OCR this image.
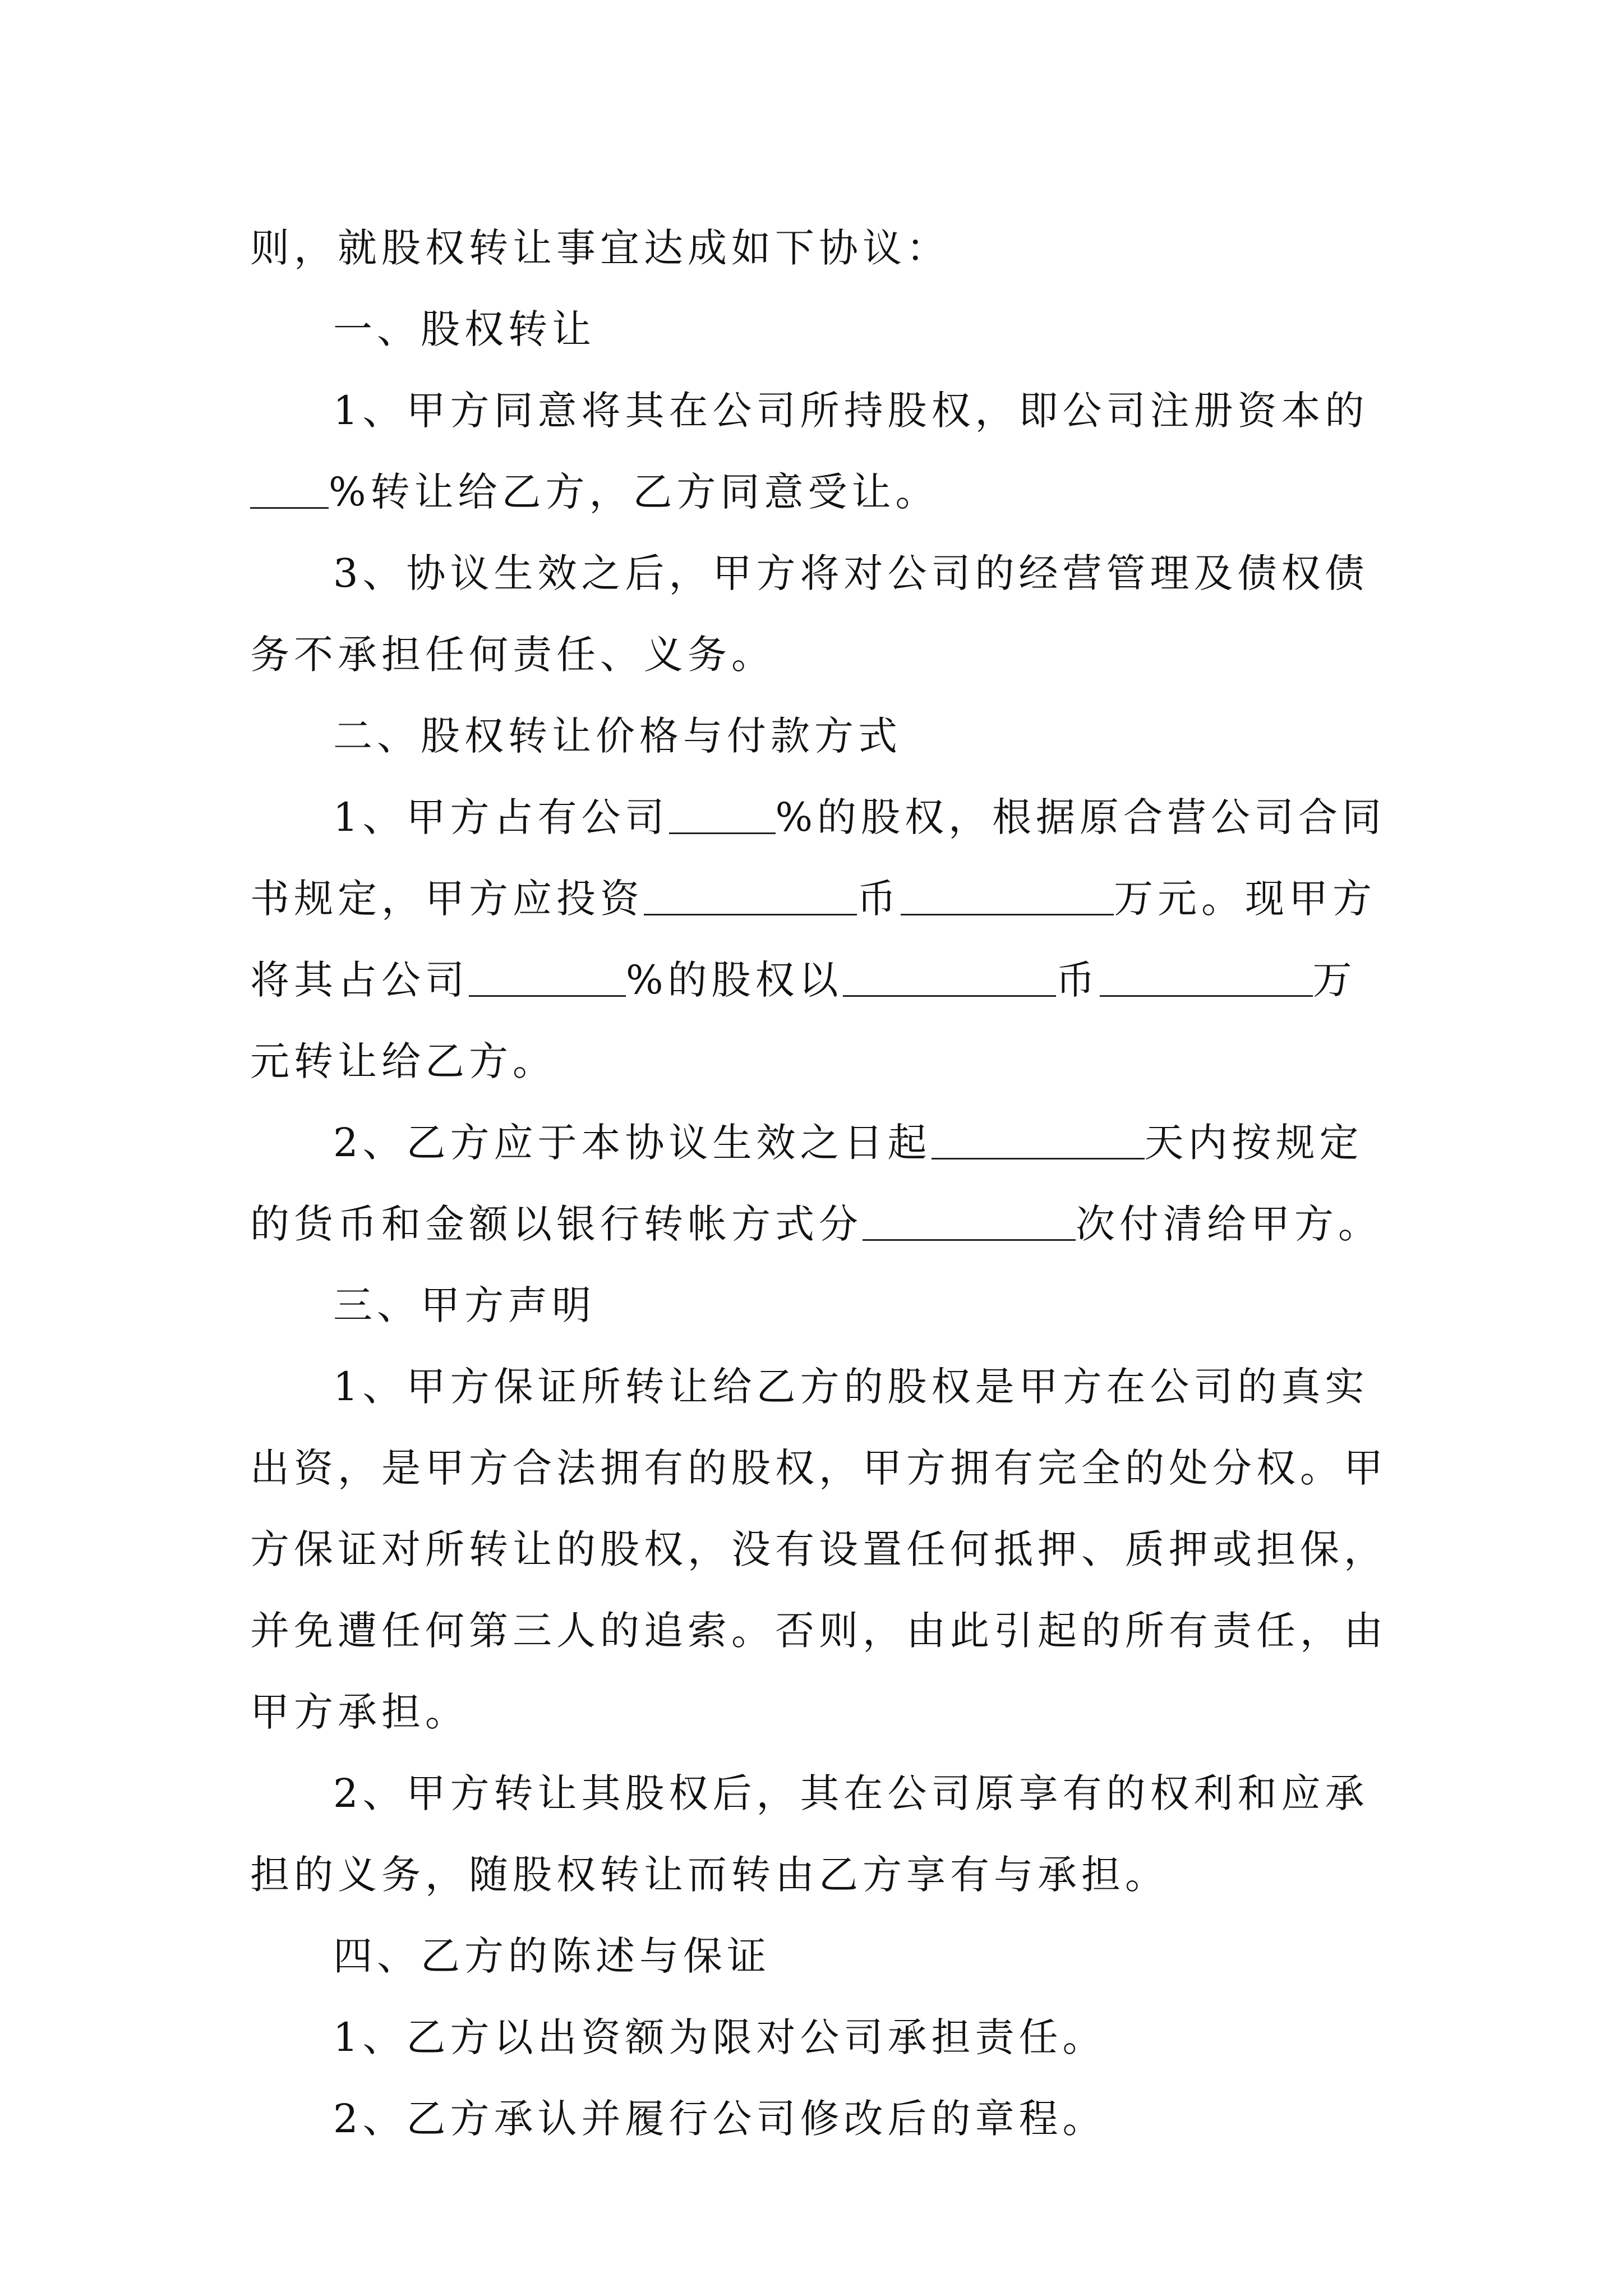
则，就股权转让事宜达成如下协议：

一、股权转让

1、甲方同意将其在公司所持股权，即公司注册资本的%转让给乙方，乙方同意受让。

3、协议生效之后，甲方将对公司的经营管理及债权债务不承担任何责任、义务。

二、股权转让价格与付款方式

1、甲方占有公司	%的股权，根据原合营公司合同书规定，甲方应投资	币	万元。现甲方将其占公司	%的股权以	币	万元转让给乙方。

2、乙方应于本协议生效之日起	天内按规定的货币和金额以银行转帐方式分	次付清给甲方。

三、甲方声明

1、甲方保证所转让给乙方的股权是甲方在公司的真实出资，是甲方合法拥有的股权，甲方拥有完全的处分权。甲方保证对所转让的股权，没有设置任何抵押、质押或担保，并免遭任何第三人的追索。否则，由此引起的所有责任，由甲方承担。

2、甲方转让其股权后，其在公司原享有的权利和应承担的义务，随股权转让而转由乙方享有与承担。

四、乙方的陈述与保证

1、乙方以出资额为限对公司承担责任。

2、乙方承认并履行公司修改后的章程。
